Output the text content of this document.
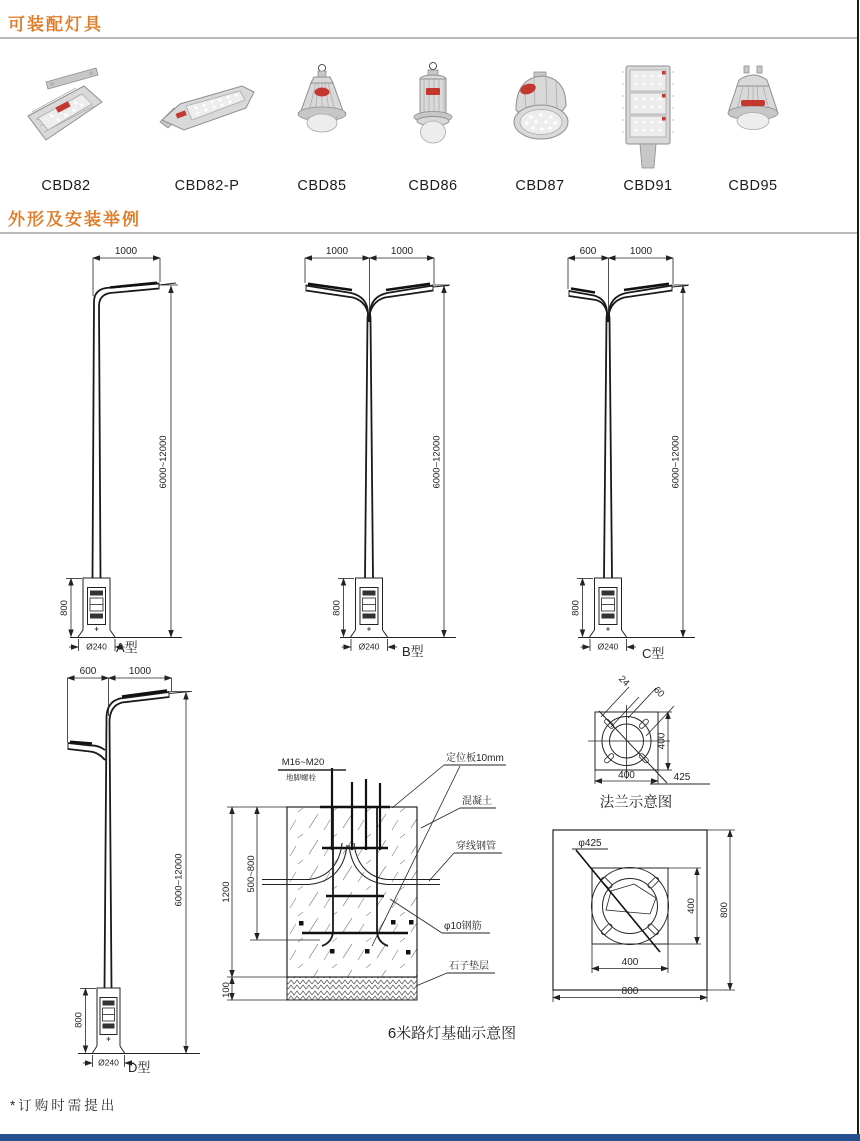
1000
6000~12000
800
Ø240 A型
1000	1000
6000~12000
800
Ø240 B型
600	1000
6000~12000
800
Ø240 C型
600	1000
6000~12000
800
Ø240 D型
24
60
400
400	425
法兰示意图
1200 500~800
100
M16~M20
地脚螺栓
定位板10mm
混凝土
穿线钢管
φ10钢筋
石子垫层
6米路灯基础示意图
φ425
400 800
400
800
可装配灯具
外形及安装举例
CBD82	CBD82-P	CBD85	CBD86	CBD87	CBD91	CBD95
*订购时需提出
